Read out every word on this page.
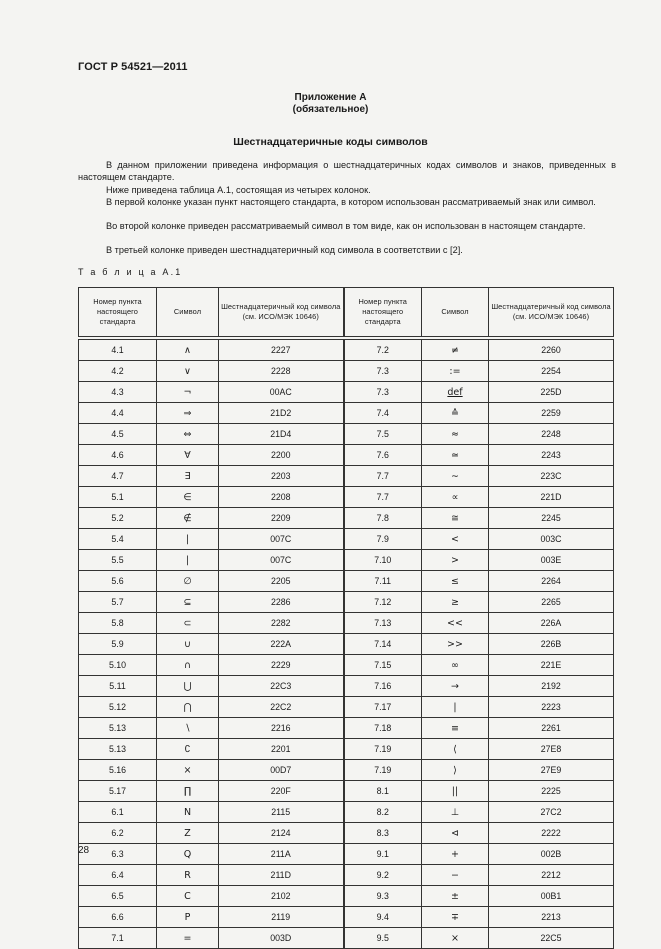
ГОСТ Р 54521—2011
Приложение А
(обязательное)
Шестнадцатеричные коды символов
В данном приложении приведена информация о шестнадцатеричных кодах символов и знаков, приведенных в настоящем стандарте.
Ниже приведена таблица А.1, состоящая из четырех колонок.
В первой колонке указан пункт настоящего стандарта, в котором использован рассматриваемый знак или символ.
Во второй колонке приведен рассматриваемый символ в том виде, как он использован в настоящем стандарте.
В третьей колонке приведен шестнадцатеричный код символа в соответствии с [2].
Т а б л и ц а А.1
Номер пункта настоящего стандарта	Символ	Шестнадцатеричный код символа (см. ИСО/МЭК 10646)	Номер пункта настоящего стандарта	Символ	Шестнадцатеричный код символа (см. ИСО/МЭК 10646)

4.1	∧	2227	7.2	≠	2260
4.2	∨	2228	7.3	:=	2254
4.3	¬	00AC	7.3	def	225D
4.4	⇒	21D2	7.4	≙	2259
4.5	⇔	21D4	7.5	≈	2248
4.6	∀	2200	7.6	≃	2243
4.7	∃	2203	7.7	∼	223C
5.1	∈	2208	7.7	∝	221D
5.2	∉	2209	7.8	≅	2245
5.4	|	007C	7.9	<	003C
5.5	|	007C	7.10	>	003E
5.6	∅	2205	7.11	≤	2264
5.7	⊆	2286	7.12	≥	2265
5.8	⊂	2282	7.13	<<	226A
5.9	∪	222A	7.14	>>	226B
5.10	∩	2229	7.15	∞	221E
5.11	⋃	22C3	7.16	→	2192
5.12	⋂	22C2	7.17	|	2223
5.13	∖	2216	7.18	≡	2261
5.13	∁	2201	7.19	⟨	27E8
5.16	×	00D7	7.19	⟩	27E9
5.17	∏	220F	8.1	||	2225
6.1	N	2115	8.2	⊥	27C2
6.2	Z	2124	8.3	⊲	2222
6.3	Q	211A	9.1	+	002B
6.4	R	211D	9.2	−	2212
6.5	C	2102	9.3	±	00B1
6.6	P	2119	9.4	∓	2213
7.1	=	003D	9.5	×	22C5
28
